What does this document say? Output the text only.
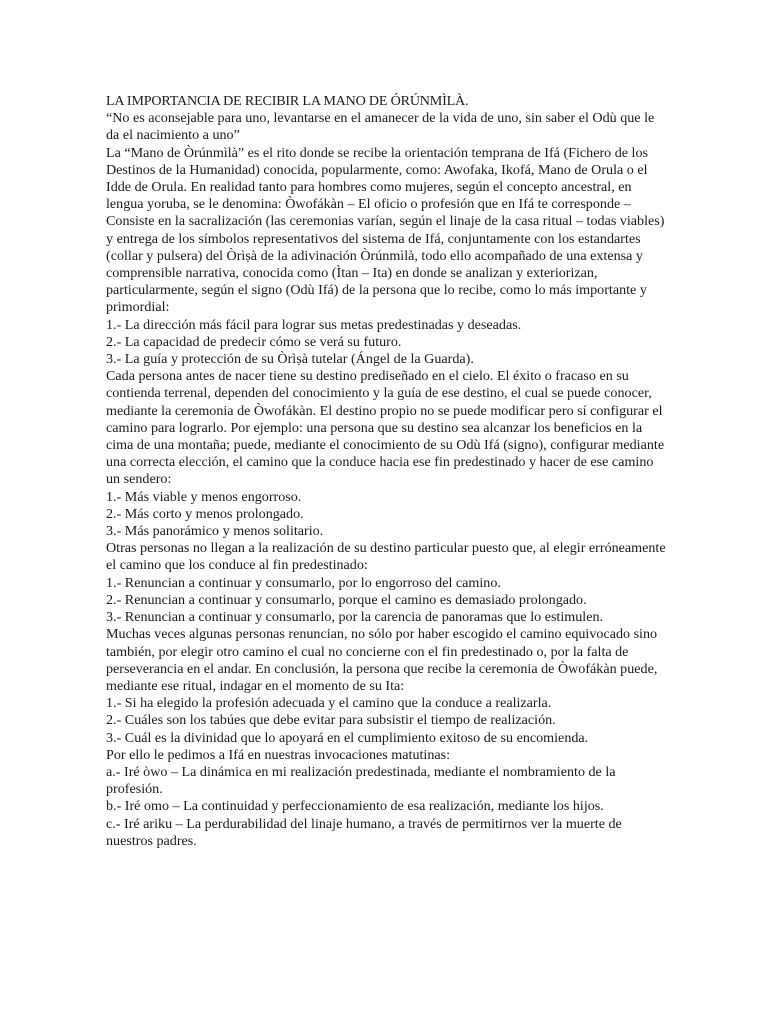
LA IMPORTANCIA DE RECIBIR LA MANO DE ÓRÚNMÌLÀ.

“No es aconsejable para uno, levantarse en el amanecer de la vida de uno, sin saber el Odù que le da el nacimiento a uno”

La “Mano de Òrúnmìlà” es el rito donde se recibe la orientación temprana de Ifá (Fichero de los Destinos de la Humanidad) conocida, popularmente, como: Awofaka, Ikofá, Mano de Orula o el Idde de Orula. En realidad tanto para hombres como mujeres, según el concepto ancestral, en lengua yoruba, se le denomina: Òwofákàn – El oficio o profesión que en Ifá te corresponde – Consiste en la sacralización (las ceremonias varían, según el linaje de la casa ritual – todas viables) y entrega de los símbolos representativos del sistema de Ifá, conjuntamente con los estandartes (collar y pulsera) del Òrìṣà de la adivinación Òrúnmìlà, todo ello acompañado de una extensa y comprensible narrativa, conocida como (Ìtan – Ita) en donde se analizan y exteriorizan, particularmente, según el signo (Odù Ifá) de la persona que lo recibe, como lo más importante y primordial:

1.- La dirección más fácil para lograr sus metas predestinadas y deseadas.

2.- La capacidad de predecir cómo se verá su futuro.

3.- La guía y protección de su Òrìṣà tutelar (Ángel de la Guarda).

Cada persona antes de nacer tiene su destino prediseñado en el cielo. El éxito o fracaso en su contienda terrenal, dependen del conocimiento y la guía de ese destino, el cual se puede conocer, mediante la ceremonia de Òwofákàn. El destino propio no se puede modificar pero sí configurar el camino para lograrlo. Por ejemplo: una persona que su destino sea alcanzar los beneficios en la cima de una montaña; puede, mediante el conocimiento de su Odù Ifá (signo), configurar mediante una correcta elección, el camino que la conduce hacia ese fin predestinado y hacer de ese camino un sendero:

1.- Más viable y menos engorroso.

2.- Más corto y menos prolongado.

3.- Más panorámico y menos solitario.

Otras personas no llegan a la realización de su destino particular puesto que, al elegir erróneamente el camino que los conduce al fin predestinado:

1.- Renuncian a continuar y consumarlo, por lo engorroso del camino.

2.- Renuncian a continuar y consumarlo, porque el camino es demasiado prolongado.

3.- Renuncian a continuar y consumarlo, por la carencia de panoramas que lo estimulen.

Muchas veces algunas personas renuncian, no sólo por haber escogido el camino equivocado sino también, por elegir otro camino el cual no concierne con el fin predestinado o, por la falta de perseverancia en el andar. En conclusión, la persona que recibe la ceremonia de Òwofákàn puede, mediante ese ritual, indagar en el momento de su Ita:

1.- Si ha elegido la profesión adecuada y el camino que la conduce a realizarla.

2.- Cuáles son los tabúes que debe evitar para subsistir el tiempo de realización.

3.- Cuál es la divinidad que lo apoyará en el cumplimiento exitoso de su encomienda.

Por ello le pedimos a Ifá en nuestras invocaciones matutinas:

a.- Iré òwo – La dinámica en mi realización predestinada, mediante el nombramiento de la profesión.

b.- Iré omo – La continuidad y perfeccionamiento de esa realización, mediante los hijos.

c.- Iré ariku – La perdurabilidad del linaje humano, a través de permitirnos ver la muerte de nuestros padres.
